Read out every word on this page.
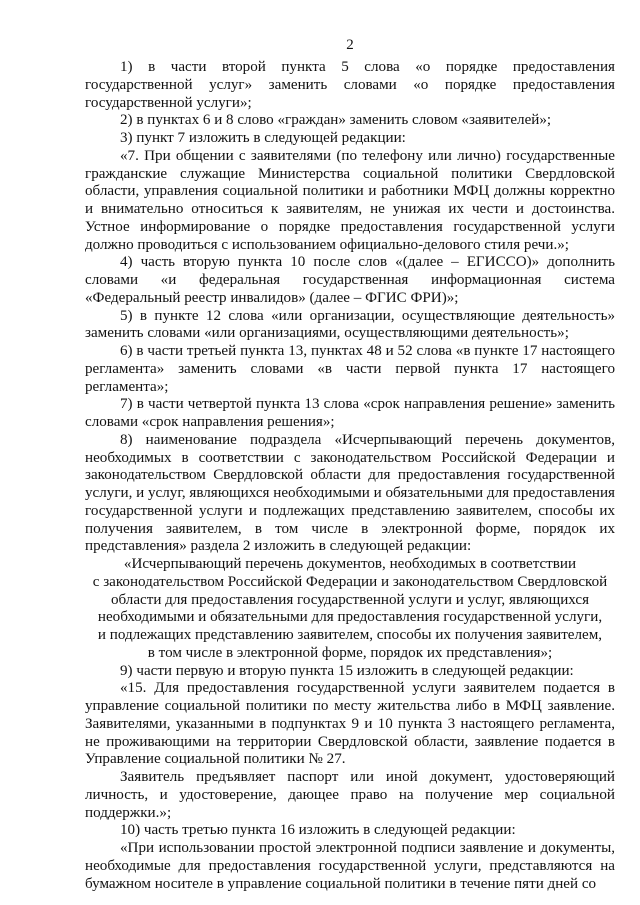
2

1) в части второй пункта 5 слова «о порядке предоставления государственной услуг» заменить словами «о порядке предоставления государственной услуги»;

2) в пунктах 6 и 8 слово «граждан» заменить словом «заявителей»;

3) пункт 7 изложить в следующей редакции:

«7. При общении с заявителями (по телефону или лично) государственные гражданские служащие Министерства социальной политики Свердловской области, управления социальной политики и работники МФЦ должны корректно и внимательно относиться к заявителям, не унижая их чести и достоинства. Устное информирование о порядке предоставления государственной услуги должно проводиться с использованием официально-делового стиля речи.»;

4) часть вторую пункта 10 после слов «(далее – ЕГИССО)» дополнить словами «и федеральная государственная информационная система «Федеральный реестр инвалидов» (далее – ФГИС ФРИ)»;

5) в пункте 12 слова «или организации, осуществляющие деятельность» заменить словами «или организациями, осуществляющими деятельность»;

6) в части третьей пункта 13, пунктах 48 и 52 слова «в пункте 17 настоящего регламента» заменить словами «в части первой пункта 17 настоящего регламента»;

7) в части четвертой пункта 13 слова «срок направления решение» заменить словами «срок направления решения»;

8) наименование подраздела «Исчерпывающий перечень документов, необходимых в соответствии с законодательством Российской Федерации и законодательством Свердловской области для предоставления государственной услуги, и услуг, являющихся необходимыми и обязательными для предоставления государственной услуги и подлежащих представлению заявителем, способы их получения заявителем, в том числе в электронной форме, порядок их представления» раздела 2 изложить в следующей редакции:

«Исчерпывающий перечень документов, необходимых в соответствии
с законодательством Российской Федерации и законодательством Свердловской
области для предоставления государственной услуги и услуг, являющихся
необходимыми и обязательными для предоставления государственной услуги,
и подлежащих представлению заявителем, способы их получения заявителем,
в том числе в электронной форме, порядок их представления»;

9) части первую и вторую пункта 15 изложить в следующей редакции:

«15. Для предоставления государственной услуги заявителем подается в управление социальной политики по месту жительства либо в МФЦ заявление. Заявителями, указанными в подпунктах 9 и 10 пункта 3 настоящего регламента, не проживающими на территории Свердловской области, заявление подается в Управление социальной политики № 27.

Заявитель предъявляет паспорт или иной документ, удостоверяющий личность, и удостоверение, дающее право на получение мер социальной поддержки.»;

10) часть третью пункта 16 изложить в следующей редакции:

«При использовании простой электронной подписи заявление и документы, необходимые для предоставления государственной услуги, представляются на бумажном носителе в управление социальной политики в течение пяти дней со
